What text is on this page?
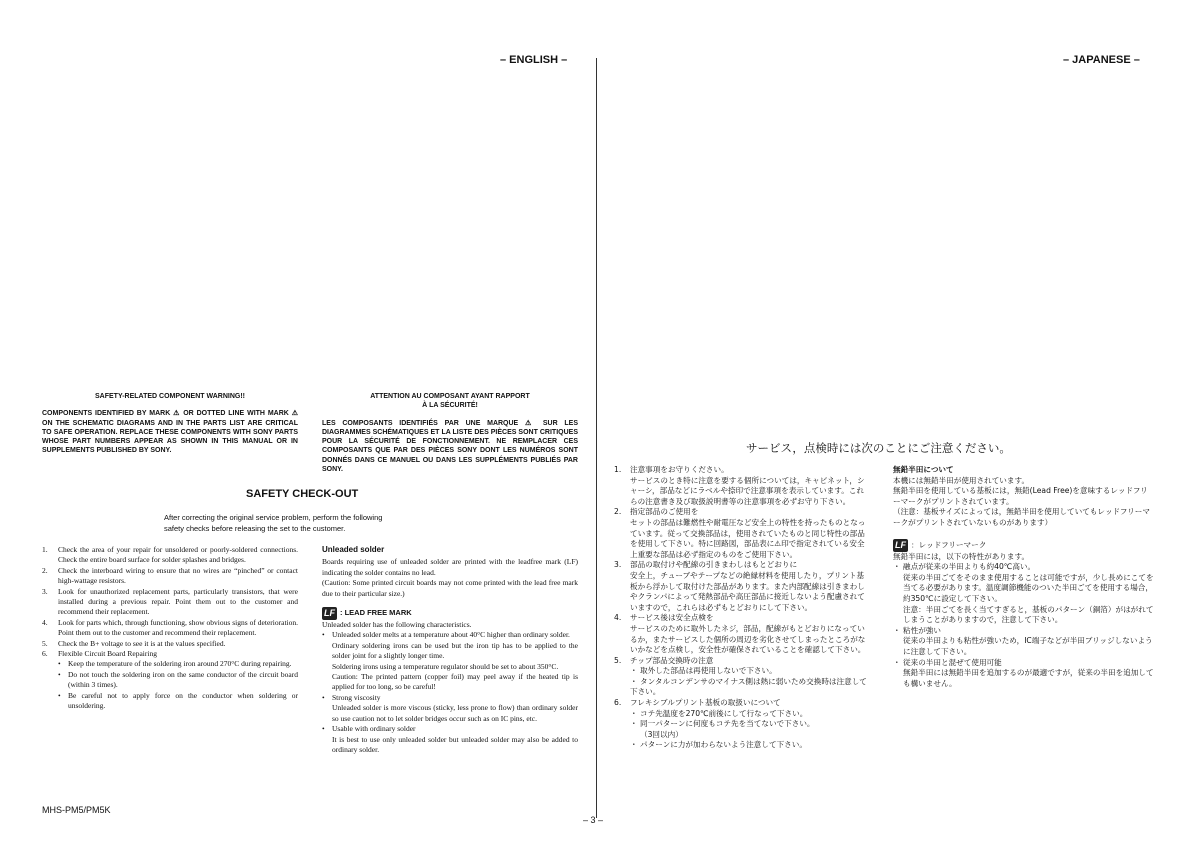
– ENGLISH –	– JAPANESE –
SAFETY-RELATED COMPONENT WARNING!!
COMPONENTS IDENTIFIED BY MARK ⚠ OR DOTTED LINE WITH MARK ⚠ ON THE SCHEMATIC DIAGRAMS AND IN THE PARTS LIST ARE CRITICAL TO SAFE OPERATION. REPLACE THESE COMPONENTS WITH SONY PARTS WHOSE PART NUMBERS APPEAR AS SHOWN IN THIS MANUAL OR IN SUPPLEMENTS PUBLISHED BY SONY.
ATTENTION AU COMPOSANT AYANT RAPPORT
À LA SÉCURITÉ!
LES COMPOSANTS IDENTIFIÉS PAR UNE MARQUE ⚠ SUR LES DIAGRAMMES SCHÉMATIQUES ET LA LISTE DES PIÈCES SONT CRITIQUES POUR LA SÉCURITÉ DE FONCTIONNEMENT. NE REMPLACER CES COMPOSANTS QUE PAR DES PIÈCES SONY DONT LES NUMÉROS SONT DONNÉS DANS CE MANUEL OU DANS LES SUPPLÉMENTS PUBLIÉS PAR SONY.
SAFETY CHECK-OUT
After correcting the original service problem, perform the following
safety checks before releasing the set to the customer.
1. Check the area of your repair for unsoldered or poorly-soldered connections. Check the entire board surface for solder splashes and bridges.
2. Check the interboard wiring to ensure that no wires are “pinched” or contact high-wattage resistors.
3. Look for unauthorized replacement parts, particularly transistors, that were installed during a previous repair. Point them out to the customer and recommend their replacement.
4. Look for parts which, through functioning, show obvious signs of deterioration. Point them out to the customer and recommend their replacement.
5. Check the B+ voltage to see it is at the values specified.
6. Flexible Circuit Board Repairing
• Keep the temperature of the soldering iron around 270°C during repairing.
• Do not touch the soldering iron on the same conductor of the circuit board (within 3 times).
• Be careful not to apply force on the conductor when soldering or unsoldering.
Unleaded solder
Boards requiring use of unleaded solder are printed with the leadfree mark (LF) indicating the solder contains no lead.
(Caution: Some printed circuit boards may not come printed with the lead free mark due to their particular size.)
LF : LEAD FREE MARK
Unleaded solder has the following characteristics.
• Unleaded solder melts at a temperature about 40°C higher than ordinary solder.
Ordinary soldering irons can be used but the iron tip has to be applied to the solder joint for a slightly longer time.
Soldering irons using a temperature regulator should be set to about 350°C.
Caution: The printed pattern (copper foil) may peel away if the heated tip is applied for too long, so be careful!
• Strong viscosity
Unleaded solder is more viscous (sticky, less prone to flow) than ordinary solder so use caution not to let solder bridges occur such as on IC pins, etc.
• Usable with ordinary solder
It is best to use only unleaded solder but unleaded solder may also be added to ordinary solder.
MHS-PM5/PM5K
– 3 –
サービス，点検時には次のことにご注意ください。
1. 注意事項をお守りください。
サービスのとき特に注意を要する個所については，キャビネット，シャーシ，部品などにラベルや捺印で注意事項を表示しています。これらの注意書き及び取扱説明書等の注意事項を必ずお守り下さい。
2. 指定部品のご使用を
セットの部品は難燃性や耐電圧など安全上の特性を持ったものとなっています。従って交換部品は，使用されていたものと同じ特性の部品を使用して下さい。特に回路図，部品表に⚠印で指定されている安全上重要な部品は必ず指定のものをご使用下さい。
3. 部品の取付けや配線の引きまわしはもとどおりに
安全上，チューブやテープなどの絶縁材料を使用したり，プリント基板から浮かして取付けた部品があります。また内部配線は引きまわしやクランパによって発熱部品や高圧部品に接近しないよう配慮されていますので，これらは必ずもとどおりにして下さい。
4. サービス後は安全点検を
サービスのために取外したネジ，部品，配線がもとどおりになっているか，またサービスした個所の周辺を劣化させてしまったところがないかなどを点検し，安全性が確保されていることを確認して下さい。
5. チップ部品交換時の注意
・ 取外した部品は再使用しないで下さい。
・ タンタルコンデンサのマイナス側は熱に弱いため交換時は注意して下さい。
6. フレキシブルプリント基板の取扱いについて
・ コテ先温度を270℃前後にして行なって下さい。
・ 同一パターンに何度もコテ先を当てないで下さい。
（3回以内）
・ パターンに力が加わらないよう注意して下さい。
無鉛半田について
本機には無鉛半田が使用されています。
無鉛半田を使用している基板には，無鉛(Lead Free)を意味するレッドフリーマークがプリントされています。
（注意：基板サイズによっては，無鉛半田を使用していてもレッドフリーマークがプリントされていないものがあります）
LF ：レッドフリーマーク
無鉛半田には，以下の特性があります。
・ 融点が従来の半田よりも約40℃高い。
従来の半田ごてをそのまま使用することは可能ですが，少し長めにこてを当てる必要があります。温度調節機能のついた半田ごてを使用する場合，約350℃に設定して下さい。
注意：半田ごてを長く当てすぎると，基板のパターン（銅箔）がはがれてしまうことがありますので，注意して下さい。
・ 粘性が強い
従来の半田よりも粘性が強いため，IC端子などが半田ブリッジしないように注意して下さい。
・ 従来の半田と混ぜて使用可能
無鉛半田には無鉛半田を追加するのが最適ですが，従来の半田を追加しても構いません。
